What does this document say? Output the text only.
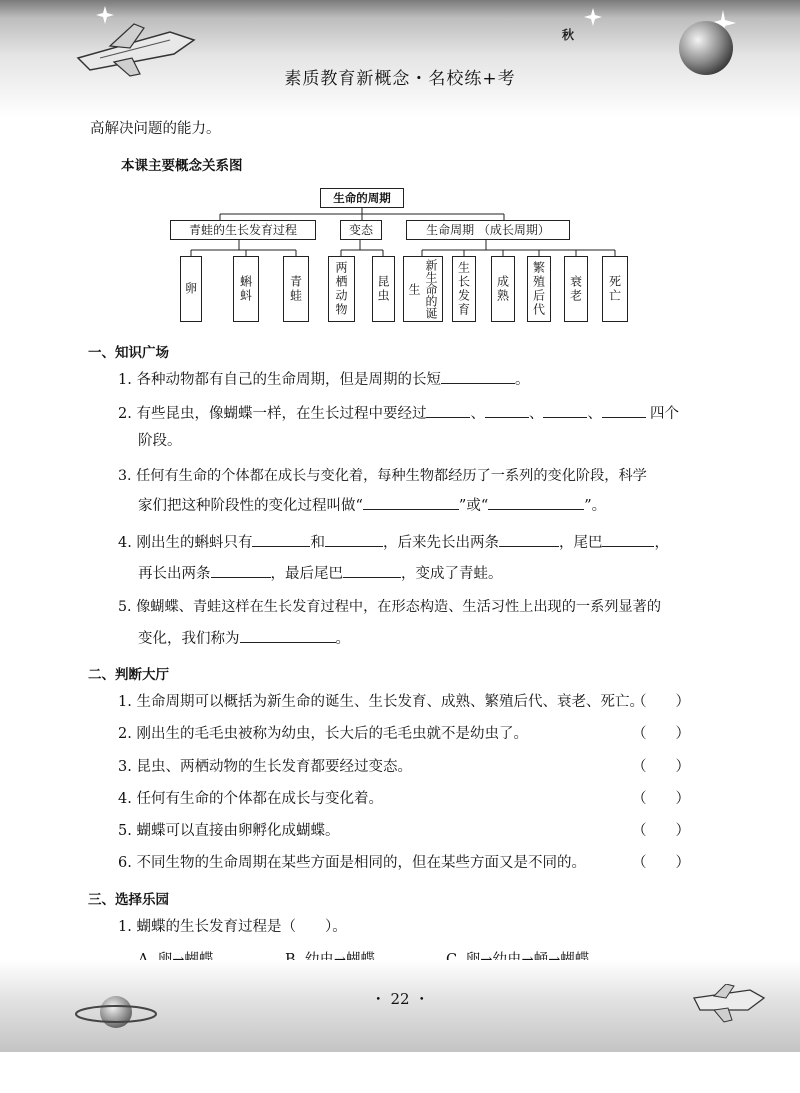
秋
素质教育新概念・名校练+考
高解决问题的能力。
本课主要概念关系图
生命的周期
青蛙的生长发育过程	变态	生命周期 （成长周期）
卵	蝌蚪	青蛙	两栖动物 昆虫	新生命的诞生	生长发育 成熟 繁殖后代 衰老 死亡
一、知识广场
1. 各种动物都有自己的生命周期，但是周期的长短	。
2. 有些昆虫，像蝴蝶一样，在生长过程中要经过	、	、	、	四个
阶段。
3. 任何有生命的个体都在成长与变化着，每种生物都经历了一系列的变化阶段，科学
家们把这种阶段性的变化过程叫做“	”或“	”。
4. 刚出生的蝌蚪只有	和	，后来先长出两条	，尾巴	，
再长出两条	，最后尾巴	，变成了青蛙。
5. 像蝴蝶、青蛙这样在生长发育过程中，在形态构造、生活习性上出现的一系列显著的
变化，我们称为	。
二、判断大厅
1. 生命周期可以概括为新生命的诞生、生长发育、成熟、繁殖后代、衰老、死亡。
（　　）
2. 刚出生的毛毛虫被称为幼虫，长大后的毛毛虫就不是幼虫了。	（　　）
3. 昆虫、两栖动物的生长发育都要经过变态。	（　　）
4. 任何有生命的个体都在成长与变化着。	（　　）
5. 蝴蝶可以直接由卵孵化成蝴蝶。	（　　）
6. 不同生物的生命周期在某些方面是相同的，但在某些方面又是不同的。	（　　）
三、选择乐园
1. 蝴蝶的生长发育过程是（　　）。
・ 22 ・
